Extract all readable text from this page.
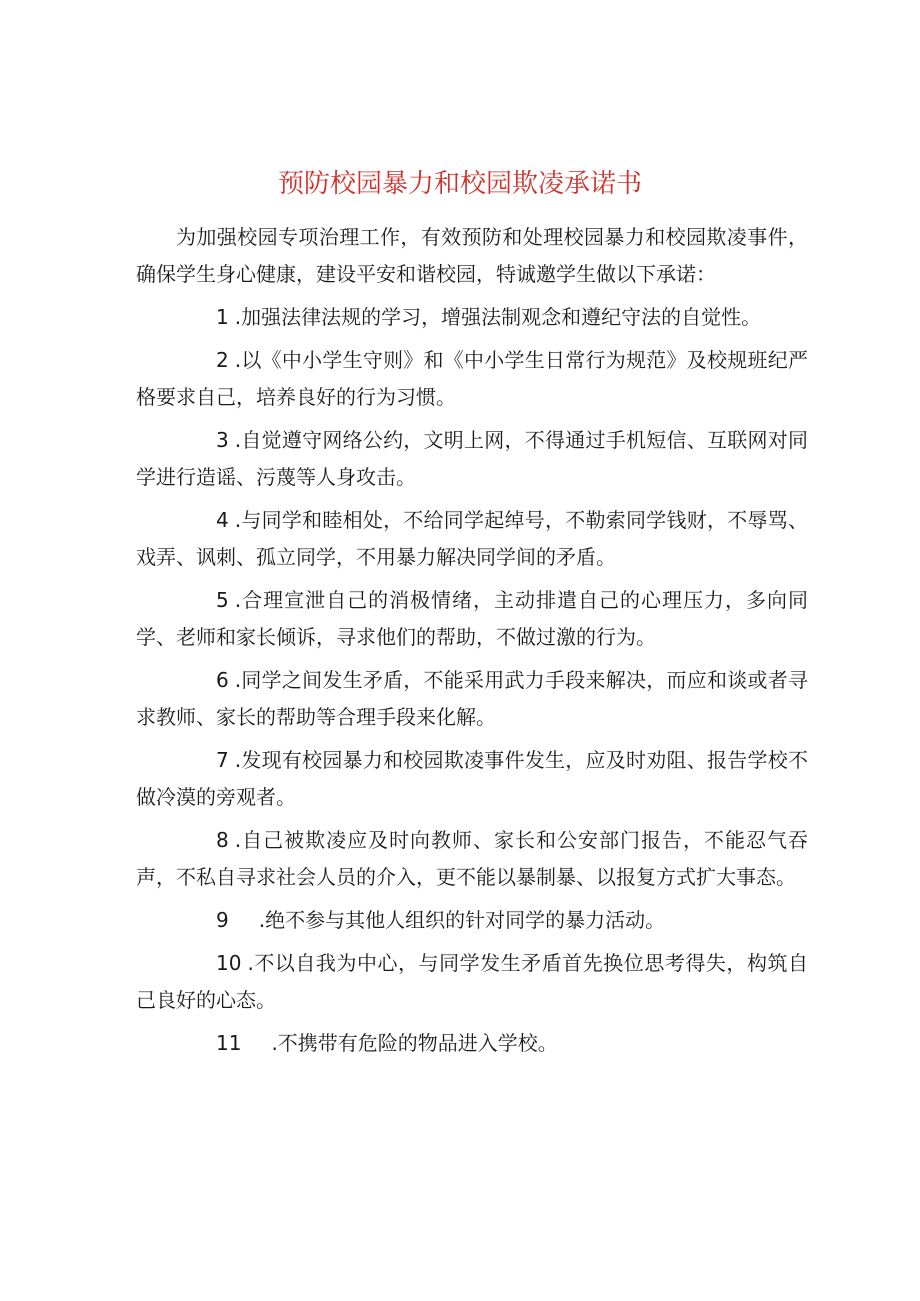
预防校园暴力和校园欺凌承诺书

为加强校园专项治理工作，有效预防和处理校园暴力和校园欺凌事件，确保学生身心健康，建设平安和谐校园，特诚邀学生做以下承诺：

1 .加强法律法规的学习，增强法制观念和遵纪守法的自觉性。

2 .以《中小学生守则》和《中小学生日常行为规范》及校规班纪严格要求自己，培养良好的行为习惯。

3 .自觉遵守网络公约，文明上网，不得通过手机短信、互联网对同学进行造谣、污蔑等人身攻击。

4 .与同学和睦相处，不给同学起绰号，不勒索同学钱财，不辱骂、戏弄、讽刺、孤立同学，不用暴力解决同学间的矛盾。

5 .合理宣泄自己的消极情绪，主动排遣自己的心理压力，多向同学、老师和家长倾诉，寻求他们的帮助，不做过激的行为。

6 .同学之间发生矛盾，不能采用武力手段来解决，而应和谈或者寻求教师、家长的帮助等合理手段来化解。

7 .发现有校园暴力和校园欺凌事件发生，应及时劝阻、报告学校不做冷漠的旁观者。

8 .自己被欺凌应及时向教师、家长和公安部门报告，不能忍气吞声，不私自寻求社会人员的介入，更不能以暴制暴、以报复方式扩大事态。

9 .绝不参与其他人组织的针对同学的暴力活动。

10 .不以自我为中心，与同学发生矛盾首先换位思考得失，构筑自己良好的心态。

11 .不携带有危险的物品进入学校。
